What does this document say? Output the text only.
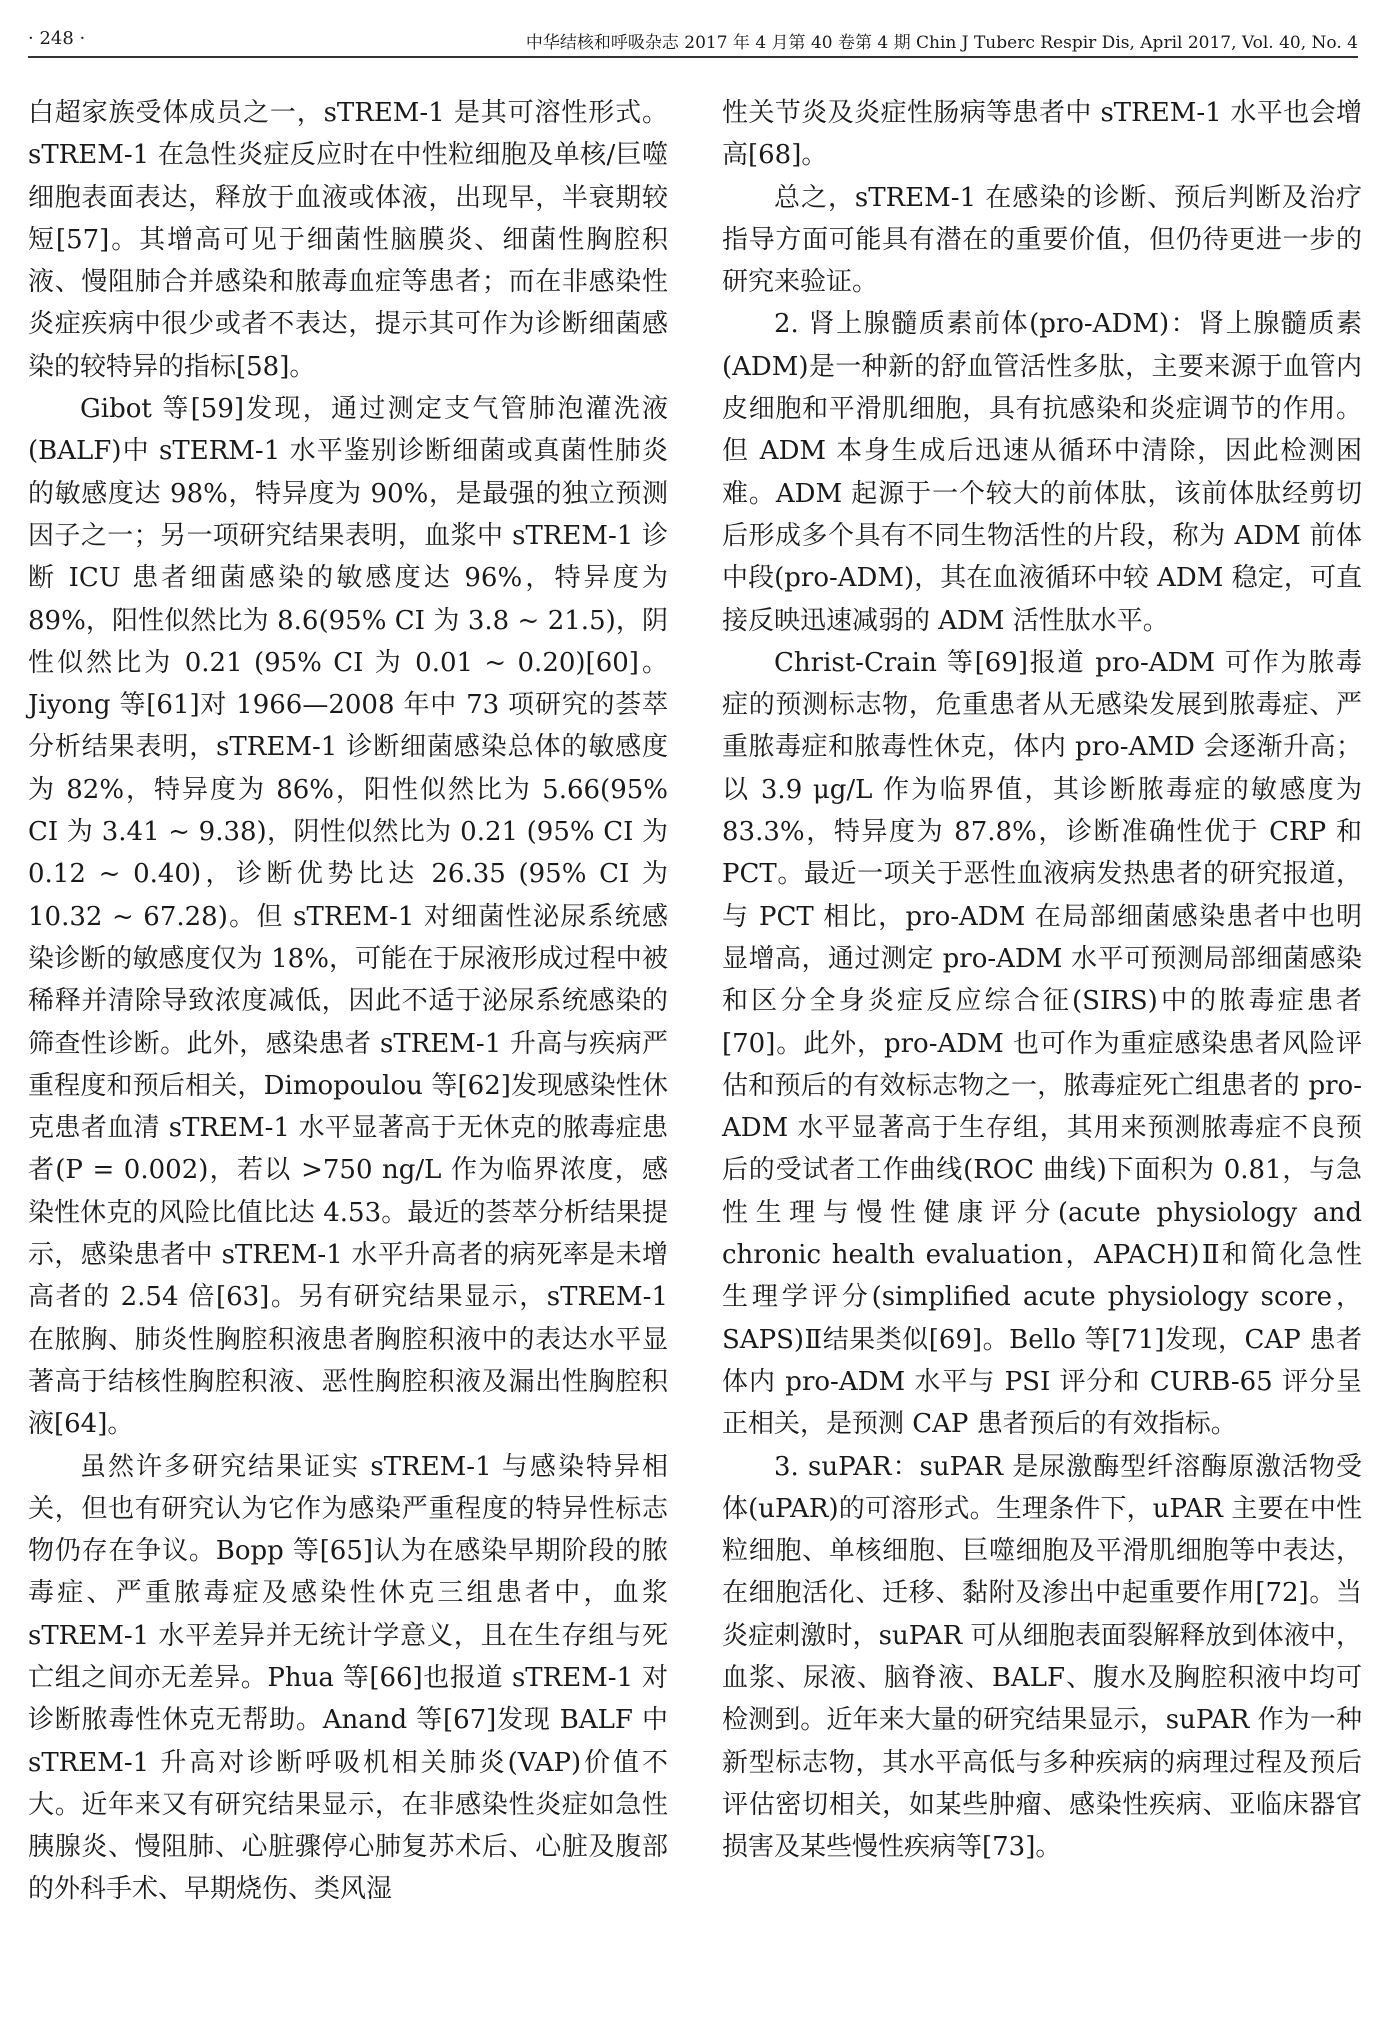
· 248 ·	中华结核和呼吸杂志 2017 年 4 月第 40 卷第 4 期 Chin J Tuberc Respir Dis, April 2017, Vol. 40, No. 4

白超家族受体成员之一，sTREM-1 是其可溶性形式。sTREM-1 在急性炎症反应时在中性粒细胞及单核/巨噬细胞表面表达，释放于血液或体液，出现早，半衰期较短[57]。其增高可见于细菌性脑膜炎、细菌性胸腔积液、慢阻肺合并感染和脓毒血症等患者；而在非感染性炎症疾病中很少或者不表达，提示其可作为诊断细菌感染的较特异的指标[58]。

Gibot 等[59]发现，通过测定支气管肺泡灌洗液(BALF)中 sTERM-1 水平鉴别诊断细菌或真菌性肺炎的敏感度达 98%，特异度为 90%，是最强的独立预测因子之一；另一项研究结果表明，血浆中 sTREM-1 诊断 ICU 患者细菌感染的敏感度达 96%，特异度为 89%，阳性似然比为 8.6(95% CI 为 3.8 ~ 21.5)，阴性似然比为 0.21 (95% CI 为 0.01 ~ 0.20)[60]。Jiyong 等[61]对 1966—2008 年中 73 项研究的荟萃分析结果表明，sTREM-1 诊断细菌感染总体的敏感度为 82%，特异度为 86%，阳性似然比为 5.66(95% CI 为 3.41 ~ 9.38)，阴性似然比为 0.21 (95% CI 为 0.12 ~ 0.40)，诊断优势比达 26.35 (95% CI 为 10.32 ~ 67.28)。但 sTREM-1 对细菌性泌尿系统感染诊断的敏感度仅为 18%，可能在于尿液形成过程中被稀释并清除导致浓度减低，因此不适于泌尿系统感染的筛查性诊断。此外，感染患者 sTREM-1 升高与疾病严重程度和预后相关，Dimopoulou 等[62]发现感染性休克患者血清 sTREM-1 水平显著高于无休克的脓毒症患者(P = 0.002)，若以 >750 ng/L 作为临界浓度，感染性休克的风险比值比达 4.53。最近的荟萃分析结果提示，感染患者中 sTREM-1 水平升高者的病死率是未增高者的 2.54 倍[63]。另有研究结果显示，sTREM-1 在脓胸、肺炎性胸腔积液患者胸腔积液中的表达水平显著高于结核性胸腔积液、恶性胸腔积液及漏出性胸腔积液[64]。

虽然许多研究结果证实 sTREM-1 与感染特异相关，但也有研究认为它作为感染严重程度的特异性标志物仍存在争议。Bopp 等[65]认为在感染早期阶段的脓毒症、严重脓毒症及感染性休克三组患者中，血浆 sTREM-1 水平差异并无统计学意义，且在生存组与死亡组之间亦无差异。Phua 等[66]也报道 sTREM-1 对诊断脓毒性休克无帮助。Anand 等[67]发现 BALF 中 sTREM-1 升高对诊断呼吸机相关肺炎(VAP)价值不大。近年来又有研究结果显示，在非感染性炎症如急性胰腺炎、慢阻肺、心脏骤停心肺复苏术后、心脏及腹部的外科手术、早期烧伤、类风湿

性关节炎及炎症性肠病等患者中 sTREM-1 水平也会增高[68]。

总之，sTREM-1 在感染的诊断、预后判断及治疗指导方面可能具有潜在的重要价值，但仍待更进一步的研究来验证。

2. 肾上腺髓质素前体(pro-ADM)：肾上腺髓质素(ADM)是一种新的舒血管活性多肽，主要来源于血管内皮细胞和平滑肌细胞，具有抗感染和炎症调节的作用。但 ADM 本身生成后迅速从循环中清除，因此检测困难。ADM 起源于一个较大的前体肽，该前体肽经剪切后形成多个具有不同生物活性的片段，称为 ADM 前体中段(pro-ADM)，其在血液循环中较 ADM 稳定，可直接反映迅速减弱的 ADM 活性肽水平。

Christ-Crain 等[69]报道 pro-ADM 可作为脓毒症的预测标志物，危重患者从无感染发展到脓毒症、严重脓毒症和脓毒性休克，体内 pro-AMD 会逐渐升高；以 3.9 μg/L 作为临界值，其诊断脓毒症的敏感度为 83.3%，特异度为 87.8%，诊断准确性优于 CRP 和 PCT。最近一项关于恶性血液病发热患者的研究报道，与 PCT 相比，pro-ADM 在局部细菌感染患者中也明显增高，通过测定 pro-ADM 水平可预测局部细菌感染和区分全身炎症反应综合征(SIRS)中的脓毒症患者[70]。此外，pro-ADM 也可作为重症感染患者风险评估和预后的有效标志物之一，脓毒症死亡组患者的 pro-ADM 水平显著高于生存组，其用来预测脓毒症不良预后的受试者工作曲线(ROC 曲线)下面积为 0.81，与急性生理与慢性健康评分(acute physiology and chronic health evaluation，APACH)Ⅱ和简化急性生理学评分(simplified acute physiology score，SAPS)Ⅱ结果类似[69]。Bello 等[71]发现，CAP 患者体内 pro-ADM 水平与 PSI 评分和 CURB-65 评分呈正相关，是预测 CAP 患者预后的有效指标。

3. suPAR：suPAR 是尿激酶型纤溶酶原激活物受体(uPAR)的可溶形式。生理条件下，uPAR 主要在中性粒细胞、单核细胞、巨噬细胞及平滑肌细胞等中表达，在细胞活化、迁移、黏附及渗出中起重要作用[72]。当炎症刺激时，suPAR 可从细胞表面裂解释放到体液中，血浆、尿液、脑脊液、BALF、腹水及胸腔积液中均可检测到。近年来大量的研究结果显示，suPAR 作为一种新型标志物，其水平高低与多种疾病的病理过程及预后评估密切相关，如某些肿瘤、感染性疾病、亚临床器官损害及某些慢性疾病等[73]。
